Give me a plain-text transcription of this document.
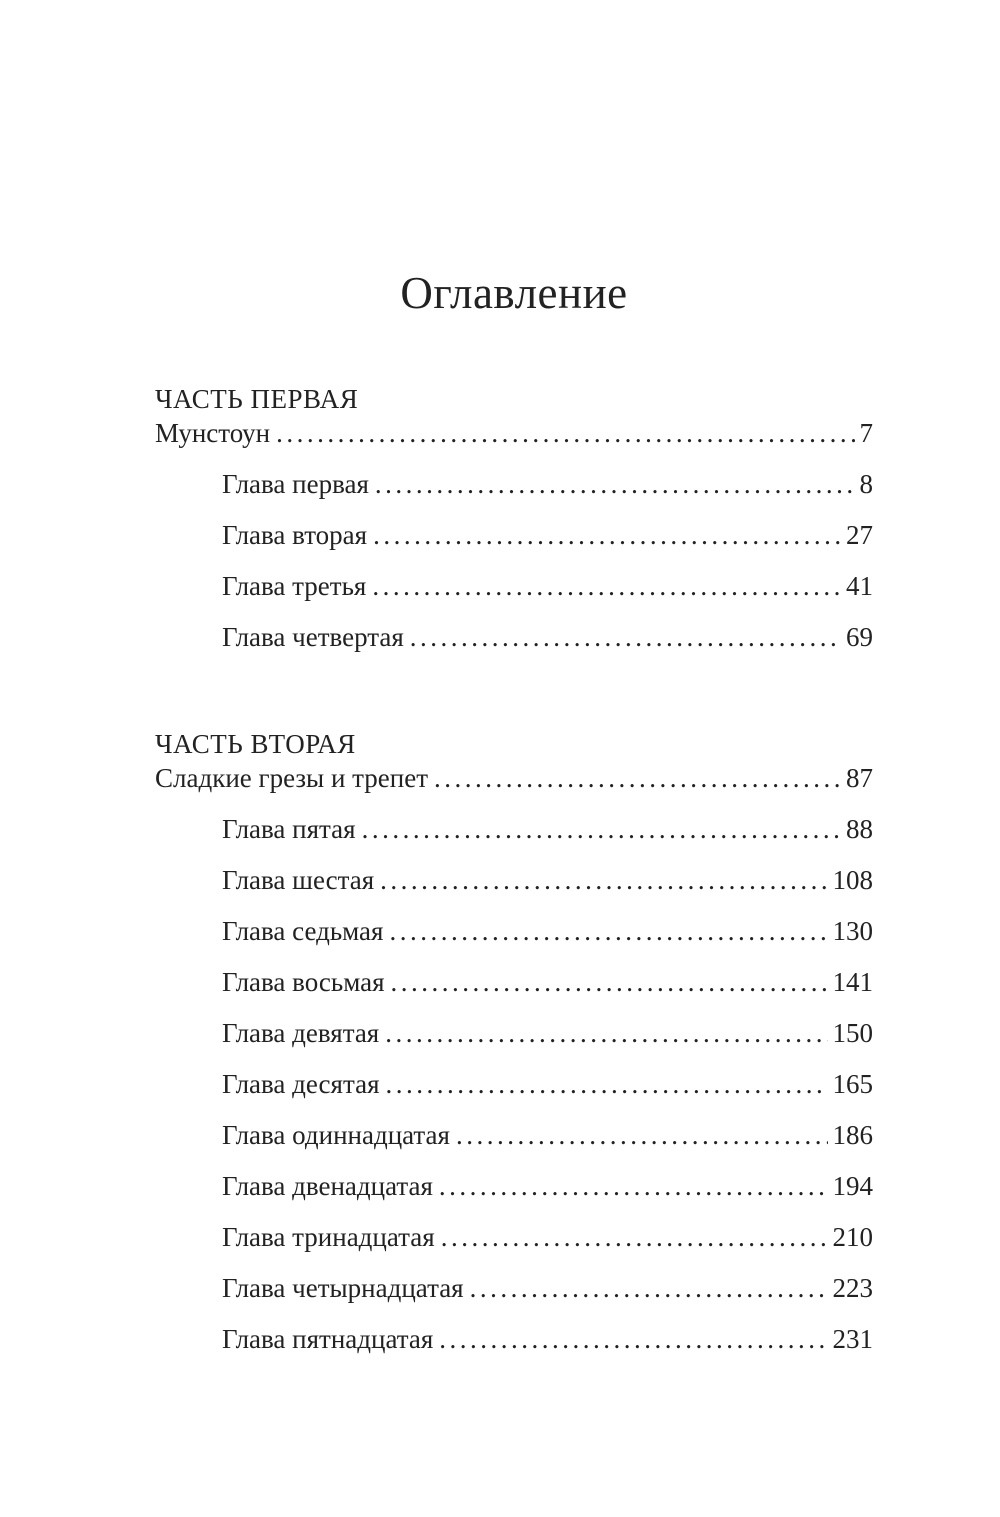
Оглавление
ЧАСТЬ ПЕРВАЯ
Мунстоун .....	7
Глава первая .....	8
Глава вторая .....	27
Глава третья .....	41
Глава четвертая .....	69
ЧАСТЬ ВТОРАЯ
Сладкие грезы и трепет .....	87
Глава пятая .....	88
Глава шестая .....	108
Глава седьмая .....	130
Глава восьмая .....	141
Глава девятая .....	150
Глава десятая .....	165
Глава одиннадцатая .....	186
Глава двенадцатая .....	194
Глава тринадцатая .....	210
Глава четырнадцатая .....	223
Глава пятнадцатая .....	231
